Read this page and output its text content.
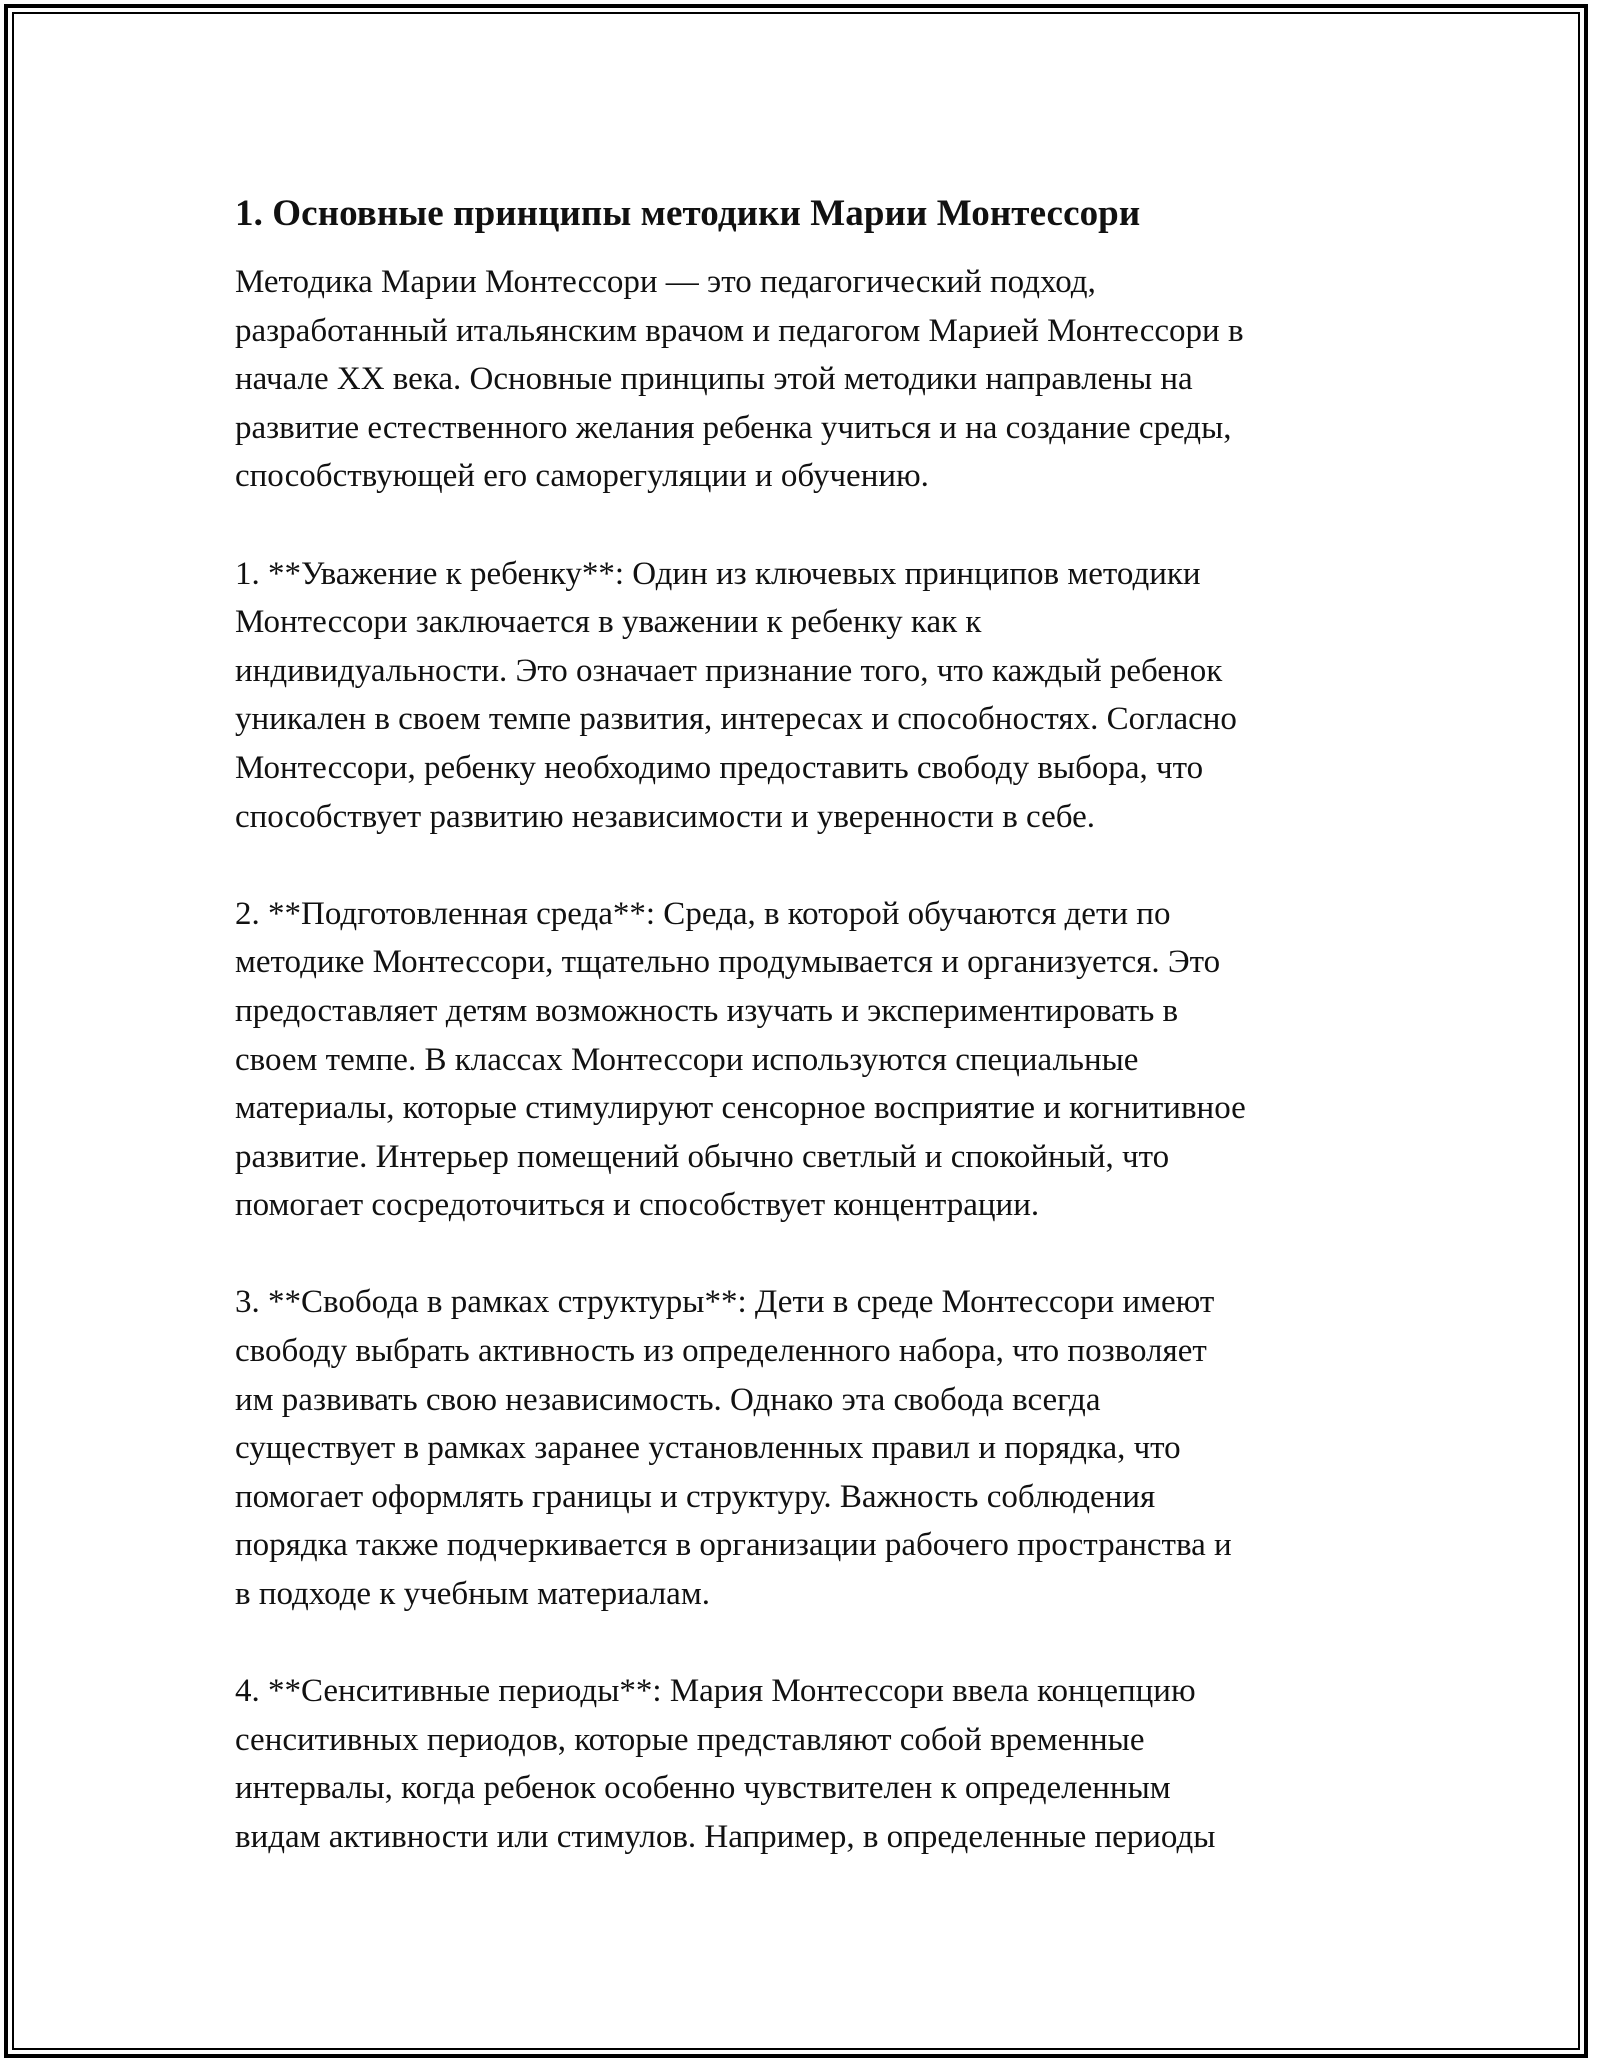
1. Основные принципы методики Марии Монтессори

Методика Марии Монтессори — это педагогический подход,
разработанный итальянским врачом и педагогом Марией Монтессори в
начале XX века. Основные принципы этой методики направлены на
развитие естественного желания ребенка учиться и на создание среды,
способствующей его саморегуляции и обучению.

1. **Уважение к ребенку**: Один из ключевых принципов методики
Монтессори заключается в уважении к ребенку как к
индивидуальности. Это означает признание того, что каждый ребенок
уникален в своем темпе развития, интересах и способностях. Согласно
Монтессори, ребенку необходимо предоставить свободу выбора, что
способствует развитию независимости и уверенности в себе.

2. **Подготовленная среда**: Среда, в которой обучаются дети по
методике Монтессори, тщательно продумывается и организуется. Это
предоставляет детям возможность изучать и экспериментировать в
своем темпе. В классах Монтессори используются специальные
материалы, которые стимулируют сенсорное восприятие и когнитивное
развитие. Интерьер помещений обычно светлый и спокойный, что
помогает сосредоточиться и способствует концентрации.

3. **Свобода в рамках структуры**: Дети в среде Монтессори имеют
свободу выбрать активность из определенного набора, что позволяет
им развивать свою независимость. Однако эта свобода всегда
существует в рамках заранее установленных правил и порядка, что
помогает оформлять границы и структуру. Важность соблюдения
порядка также подчеркивается в организации рабочего пространства и
в подходе к учебным материалам.

4. **Сенситивные периоды**: Мария Монтессори ввела концепцию
сенситивных периодов, которые представляют собой временные
интервалы, когда ребенок особенно чувствителен к определенным
видам активности или стимулов. Например, в определенные периоды
